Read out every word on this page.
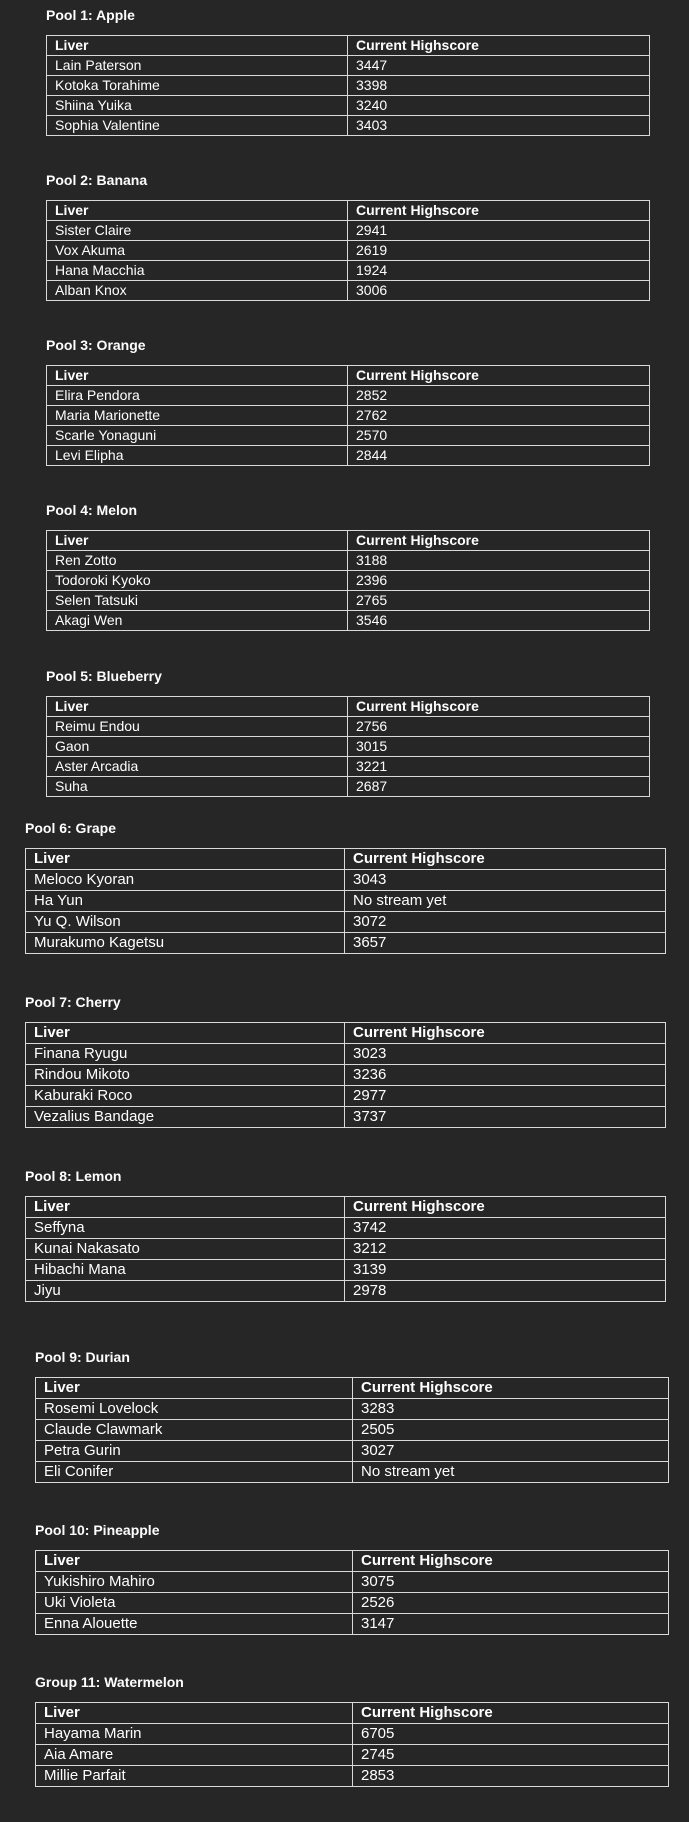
Pool 1: Apple
Liver	Current Highscore
Lain Paterson	3447
Kotoka Torahime	3398
Shiina Yuika	3240
Sophia Valentine	3403
Pool 2: Banana
Liver	Current Highscore
Sister Claire	2941
Vox Akuma	2619
Hana Macchia	1924
Alban Knox	3006
Pool 3: Orange
Liver	Current Highscore
Elira Pendora	2852
Maria Marionette	2762
Scarle Yonaguni	2570
Levi Elipha	2844
Pool 4: Melon
Liver	Current Highscore
Ren Zotto	3188
Todoroki Kyoko	2396
Selen Tatsuki	2765
Akagi Wen	3546
Pool 5: Blueberry
Liver	Current Highscore
Reimu Endou	2756
Gaon	3015
Aster Arcadia	3221
Suha	2687
Pool 6: Grape
Liver	Current Highscore
Meloco Kyoran	3043
Ha Yun	No stream yet
Yu Q. Wilson	3072
Murakumo Kagetsu	3657
Pool 7: Cherry
Liver	Current Highscore
Finana Ryugu	3023
Rindou Mikoto	3236
Kaburaki Roco	2977
Vezalius Bandage	3737
Pool 8: Lemon
Liver	Current Highscore
Seffyna	3742
Kunai Nakasato	3212
Hibachi Mana	3139
Jiyu	2978
Pool 9: Durian
Liver	Current Highscore
Rosemi Lovelock	3283
Claude Clawmark	2505
Petra Gurin	3027
Eli Conifer	No stream yet
Pool 10: Pineapple
Liver	Current Highscore
Yukishiro Mahiro	3075
Uki Violeta	2526
Enna Alouette	3147
Group 11: Watermelon
Liver	Current Highscore
Hayama Marin	6705
Aia Amare	2745
Millie Parfait	2853
